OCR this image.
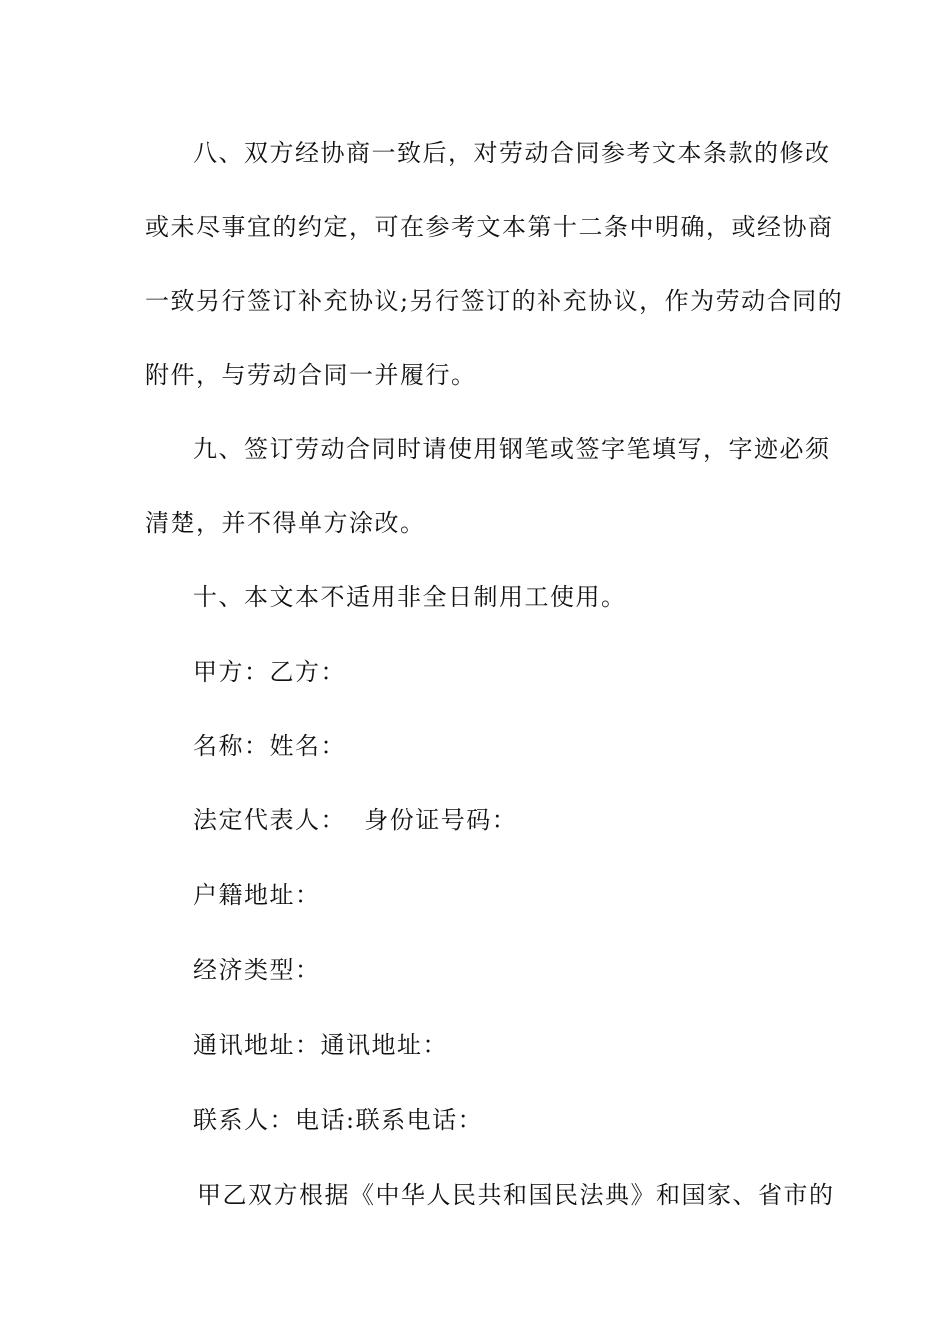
八、双方经协商一致后，对劳动合同参考文本条款的修改
或未尽事宜的约定，可在参考文本第十二条中明确，或经协商
一致另行签订补充协议;另行签订的补充协议，作为劳动合同的
附件，与劳动合同一并履行。
九、签订劳动合同时请使用钢笔或签字笔填写，字迹必须
清楚，并不得单方涂改。
十、本文本不适用非全日制用工使用。
甲方：乙方：
名称：姓名：
法定代表人：  身份证号码：
户籍地址：
经济类型：
通讯地址：通讯地址：
联系人：电话:联系电话：
甲乙双方根据《中华人民共和国民法典》和国家、省市的
